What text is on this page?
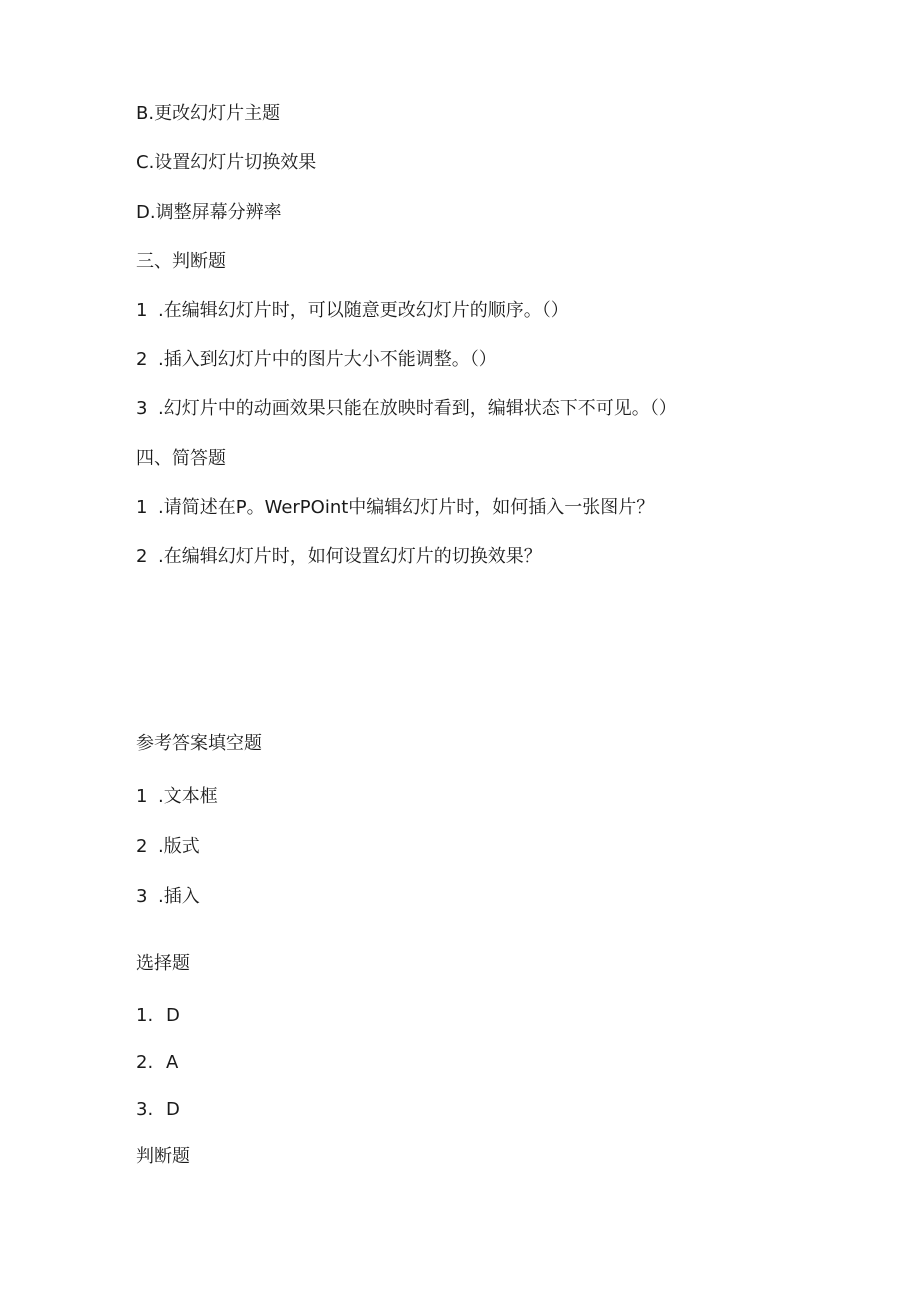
B.更改幻灯片主题
C.设置幻灯片切换效果
D.调整屏幕分辨率
三、判断题
1 .在编辑幻灯片时，可以随意更改幻灯片的顺序。（）
2 .插入到幻灯片中的图片大小不能调整。（）
3 .幻灯片中的动画效果只能在放映时看到，编辑状态下不可见。（）
四、简答题
1 .请简述在P。WerPOint中编辑幻灯片时，如何插入一张图片？
2 .在编辑幻灯片时，如何设置幻灯片的切换效果？
参考答案填空题
1 .文本框
2 .版式
3 .插入
选择题
1. D
2. A
3. D
判断题
